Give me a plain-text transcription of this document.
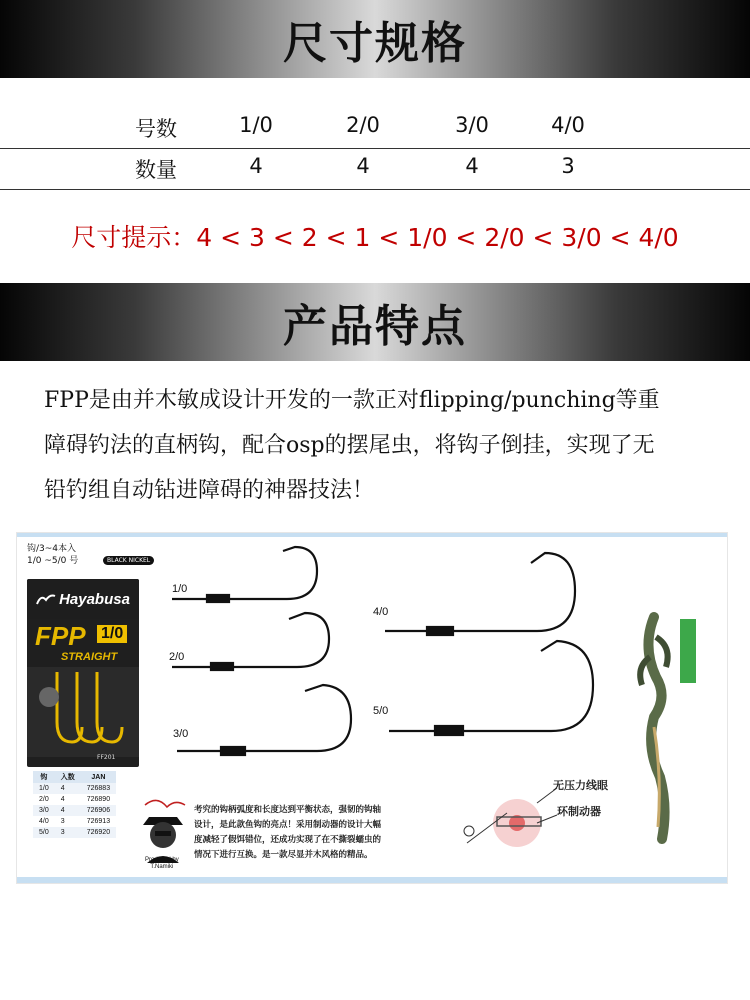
尺寸规格
号数	1/0	2/0	3/0	4/0
数量	4	4	4	3
尺寸提示：4 < 3 < 2 < 1 < 1/0 < 2/0 < 3/0 < 4/0
产品特点
FPP是由并木敏成设计开发的一款正对flipping/punching等重
障碍钓法的直柄钩，配合osp的摆尾虫，将钩子倒挂，实现了无
铅钓组自动钻进障碍的神器技法！
钩/3~4本入
1/0 ~5/0 号	BLACK NICKEL
Hayabusa
FPP 1/0
STRAIGHT
FF201
钩	入数	JAN
1/0	4	726883
2/0	4	726890
3/0	4	726906
4/0	3	726913
5/0	3	726920
1/0
2/0
3/0
4/0
5/0
Produced by
T.Namiki
考究的钩柄弧度和长度达到平衡状态，强韧的钩轴
设计，是此款鱼钩的亮点！采用制动器的设计大幅
度减轻了假饵错位，还成功实现了在不撕裂蠕虫的
情况下进行互换。是一款尽显并木风格的精品。
无压力线眼
环制动器
